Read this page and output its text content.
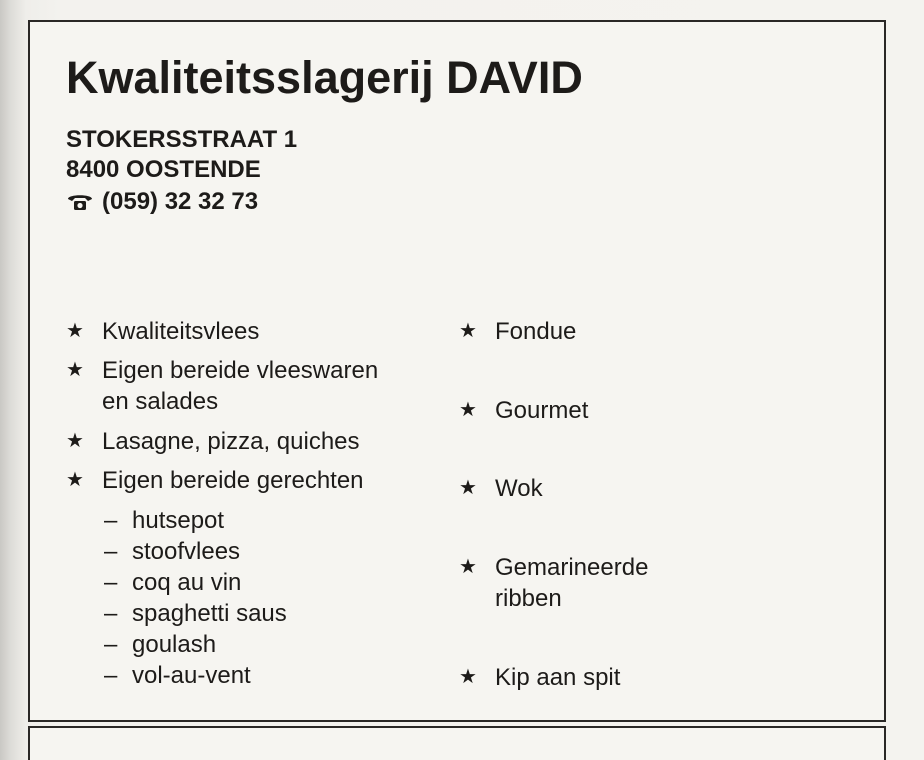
Kwaliteitsslagerij DAVID
STOKERSSTRAAT 1
8400 OOSTENDE
(059) 32 32 73
★ Kwaliteitsvlees
★ Eigen bereide vleeswaren
en salades
★ Lasagne, pizza, quiches
★ Eigen bereide gerechten
– hutsepot
– stoofvlees
– coq au vin
– spaghetti saus
– goulash
– vol-au-vent
★ Fondue
★ Gourmet
★ Wok
★ Gemarineerde
ribben
★ Kip aan spit
